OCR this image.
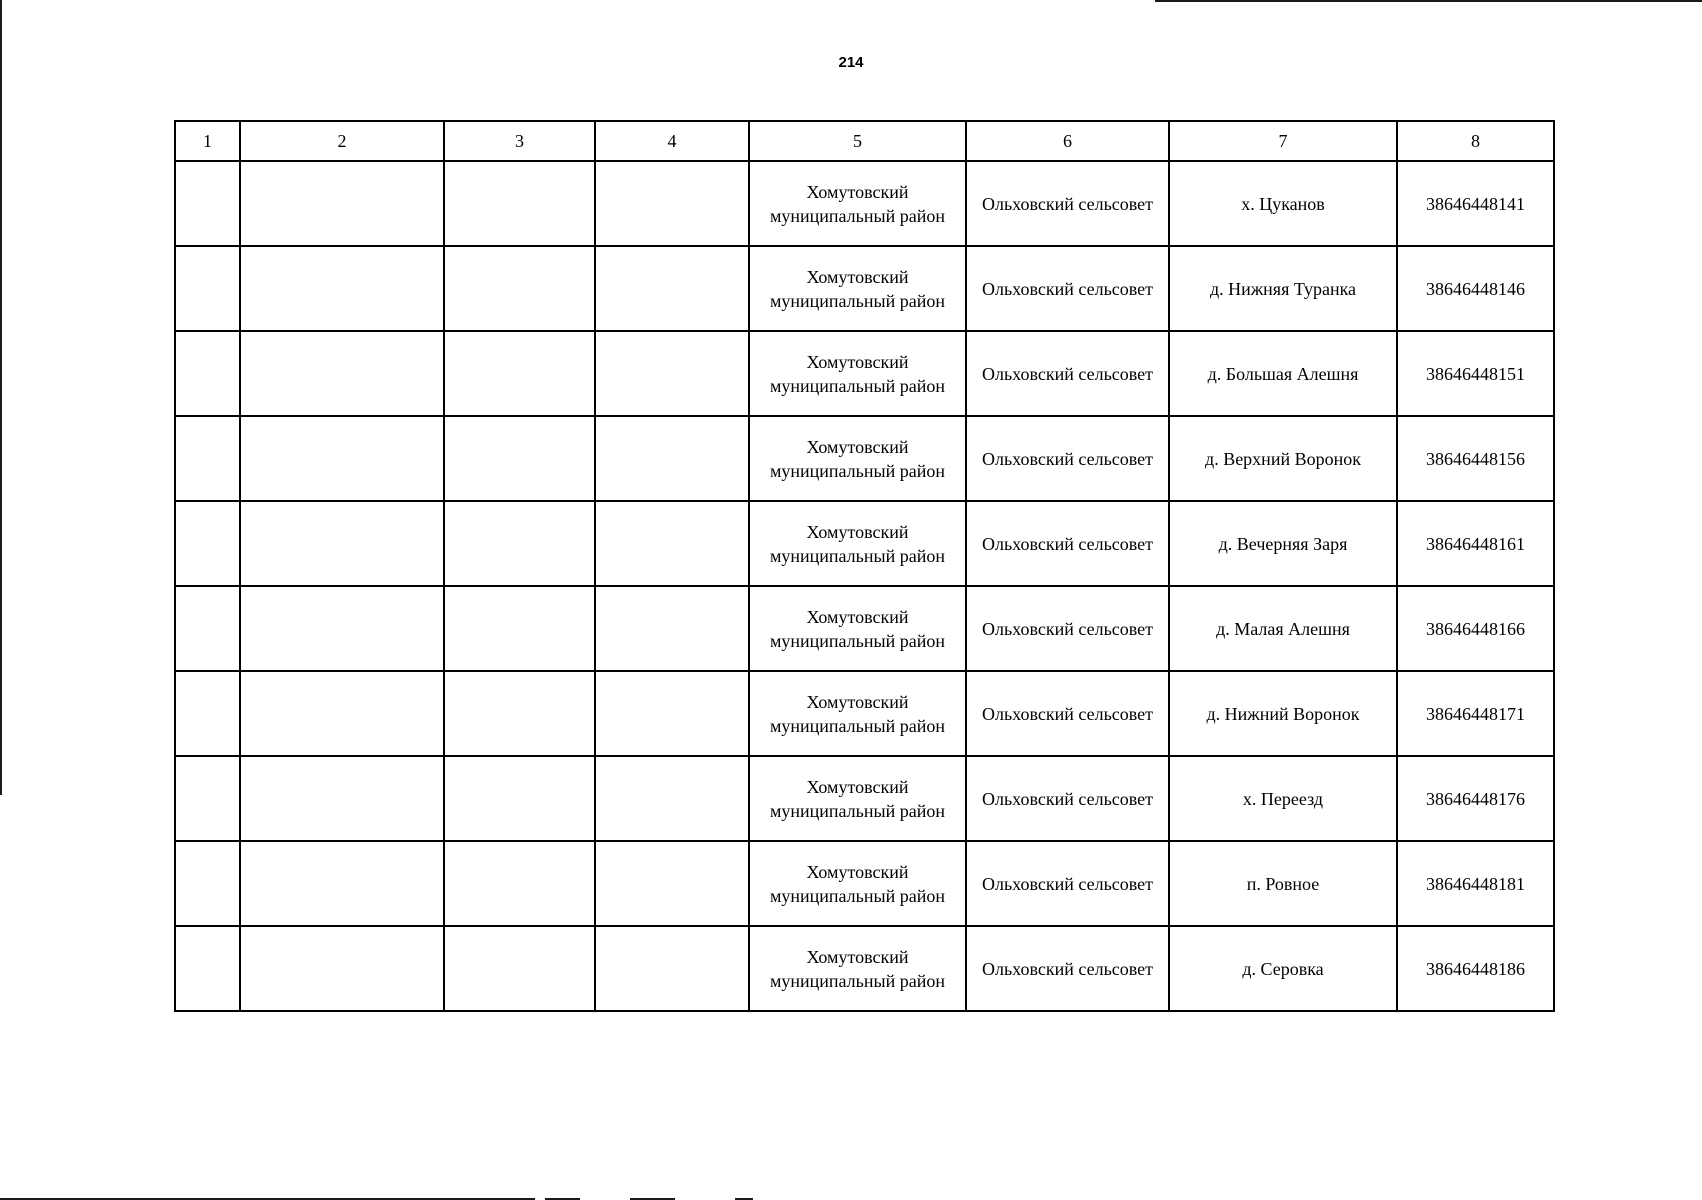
214
1	2	3	4	5	6	7	8

				Хомутовский
муниципальный район	Ольховский сельсовет	х. Цуканов	38646448141

				Хомутовский
муниципальный район	Ольховский сельсовет	д. Нижняя Туранка	38646448146

				Хомутовский
муниципальный район	Ольховский сельсовет	д. Большая Алешня	38646448151

				Хомутовский
муниципальный район	Ольховский сельсовет	д. Верхний Воронок	38646448156

				Хомутовский
муниципальный район	Ольховский сельсовет	д. Вечерняя Заря	38646448161

				Хомутовский
муниципальный район	Ольховский сельсовет	д. Малая Алешня	38646448166

				Хомутовский
муниципальный район	Ольховский сельсовет	д. Нижний Воронок	38646448171

				Хомутовский
муниципальный район	Ольховский сельсовет	х. Переезд	38646448176

				Хомутовский
муниципальный район	Ольховский сельсовет	п. Ровное	38646448181

				Хомутовский
муниципальный район	Ольховский сельсовет	д. Серовка	38646448186
